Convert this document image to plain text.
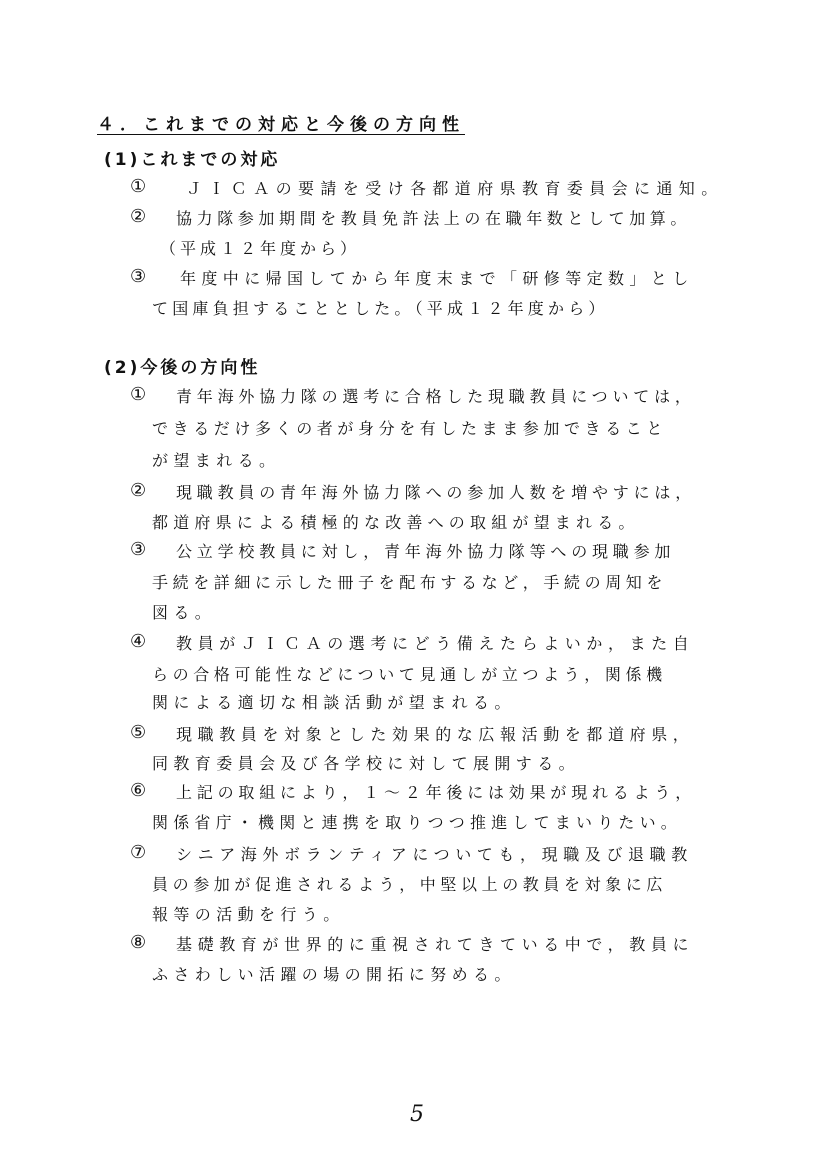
４．これまでの対応と今後の方向性
(1)これまでの対応
① ＪＩＣＡの要請を受け各都道府県教育委員会に通知。
② 協力隊参加期間を教員免許法上の在職年数として加算。
（平成１２年度から）
③ 年度中に帰国してから年度末まで「研修等定数」とし
て国庫負担することとした。（平成１２年度から）
(2)今後の方向性
① 青年海外協力隊の選考に合格した現職教員については，
できるだけ多くの者が身分を有したまま参加できること
が望まれる。
② 現職教員の青年海外協力隊への参加人数を増やすには，
都道府県による積極的な改善への取組が望まれる。
③ 公立学校教員に対し，青年海外協力隊等への現職参加
手続を詳細に示した冊子を配布するなど，手続の周知を
図る。
④ 教員がＪＩＣＡの選考にどう備えたらよいか，また自
らの合格可能性などについて見通しが立つよう，関係機
関による適切な相談活動が望まれる。
⑤ 現職教員を対象とした効果的な広報活動を都道府県，
同教育委員会及び各学校に対して展開する。
⑥ 上記の取組により，１～２年後には効果が現れるよう，
関係省庁・機関と連携を取りつつ推進してまいりたい。
⑦ シニア海外ボランティアについても，現職及び退職教
員の参加が促進されるよう，中堅以上の教員を対象に広
報等の活動を行う。
⑧ 基礎教育が世界的に重視されてきている中で，教員に
ふさわしい活躍の場の開拓に努める。
5
